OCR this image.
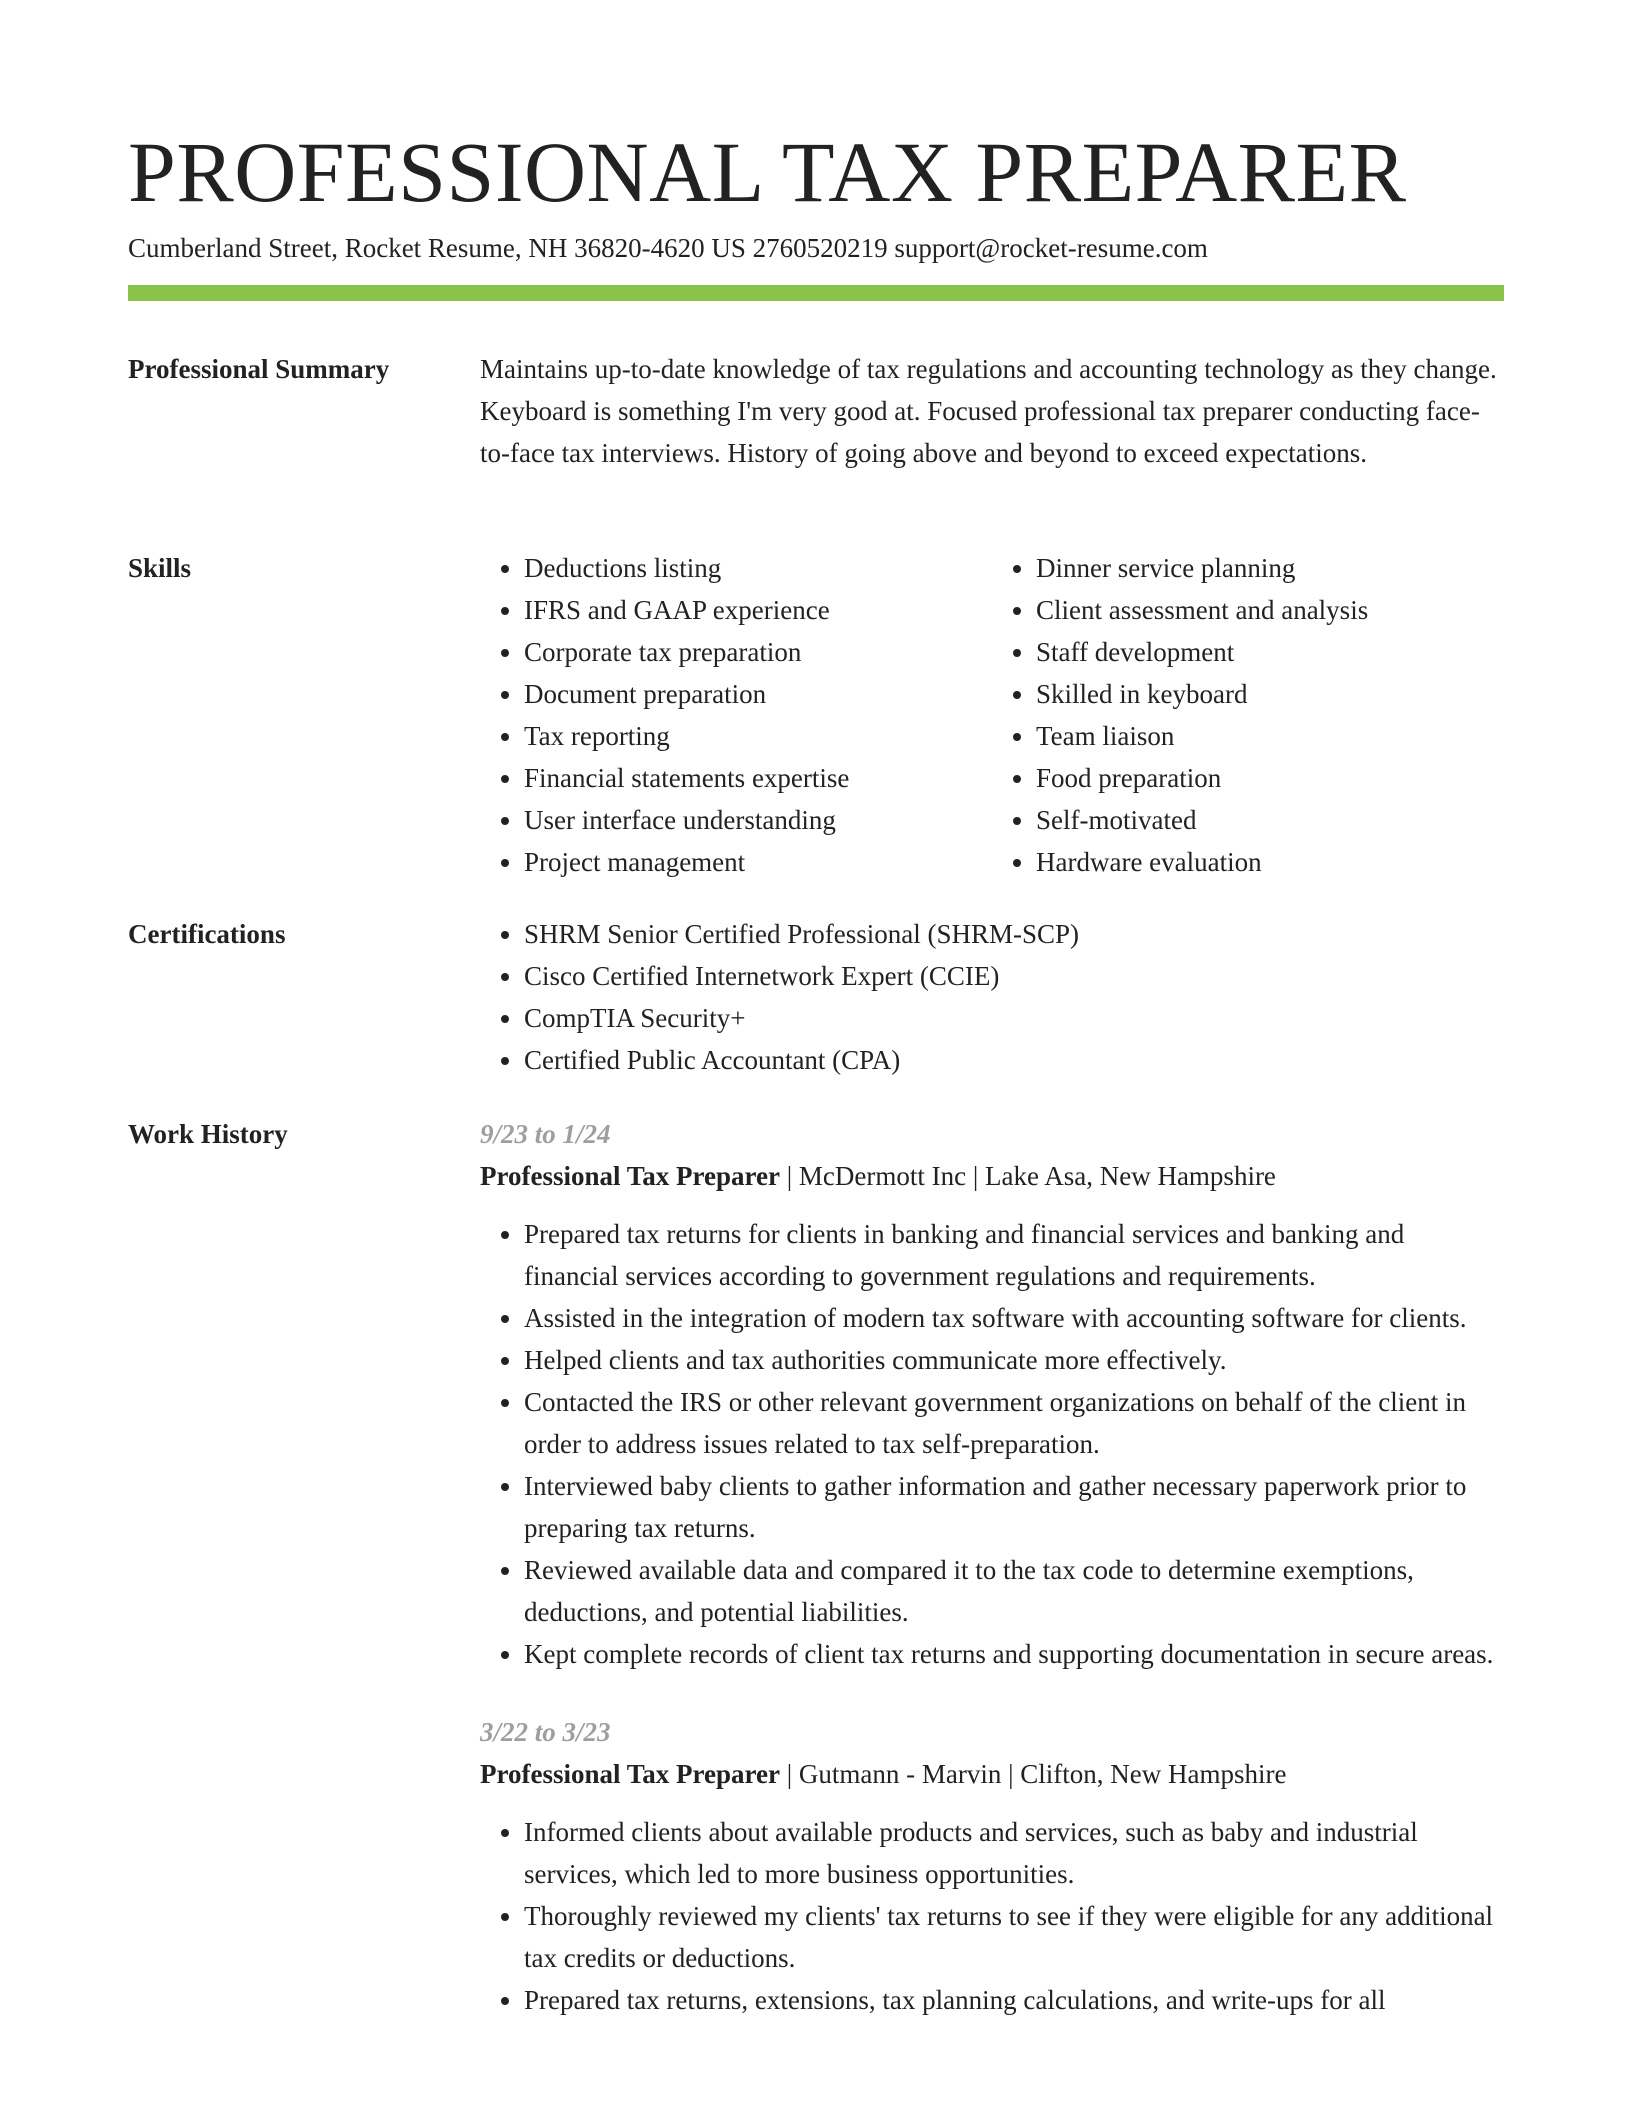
PROFESSIONAL TAX PREPARER
Cumberland Street, Rocket Resume, NH 36820-4620 US 2760520219 support@rocket-resume.com
Professional Summary	Maintains up-to-date knowledge of tax regulations and accounting technology as they change. Keyboard is something I'm very good at. Focused professional tax preparer conducting face-to-face tax interviews. History of going above and beyond to exceed expectations.

Skills	• Deductions listing
• IFRS and GAAP experience
• Corporate tax preparation
• Document preparation
• Tax reporting
• Financial statements expertise
• User interface understanding
• Project management
• Dinner service planning
• Client assessment and analysis
• Staff development
• Skilled in keyboard
• Team liaison
• Food preparation
• Self-motivated
• Hardware evaluation
Certifications	• SHRM Senior Certified Professional (SHRM-SCP)
• Cisco Certified Internetwork Expert (CCIE)
• CompTIA Security+
• Certified Public Accountant (CPA)
Work History	9/23 to 1/24
Professional Tax Preparer | McDermott Inc | Lake Asa, New Hampshire
• Prepared tax returns for clients in banking and financial services and banking and financial services according to government regulations and requirements.
• Assisted in the integration of modern tax software with accounting software for clients.
• Helped clients and tax authorities communicate more effectively.
• Contacted the IRS or other relevant government organizations on behalf of the client in order to address issues related to tax self-preparation.
• Interviewed baby clients to gather information and gather necessary paperwork prior to preparing tax returns.
• Reviewed available data and compared it to the tax code to determine exemptions, deductions, and potential liabilities.
• Kept complete records of client tax returns and supporting documentation in secure areas.
3/22 to 3/23
Professional Tax Preparer | Gutmann - Marvin | Clifton, New Hampshire
• Informed clients about available products and services, such as baby and industrial services, which led to more business opportunities.
• Thoroughly reviewed my clients' tax returns to see if they were eligible for any additional tax credits or deductions.
• Prepared tax returns, extensions, tax planning calculations, and write-ups for all
